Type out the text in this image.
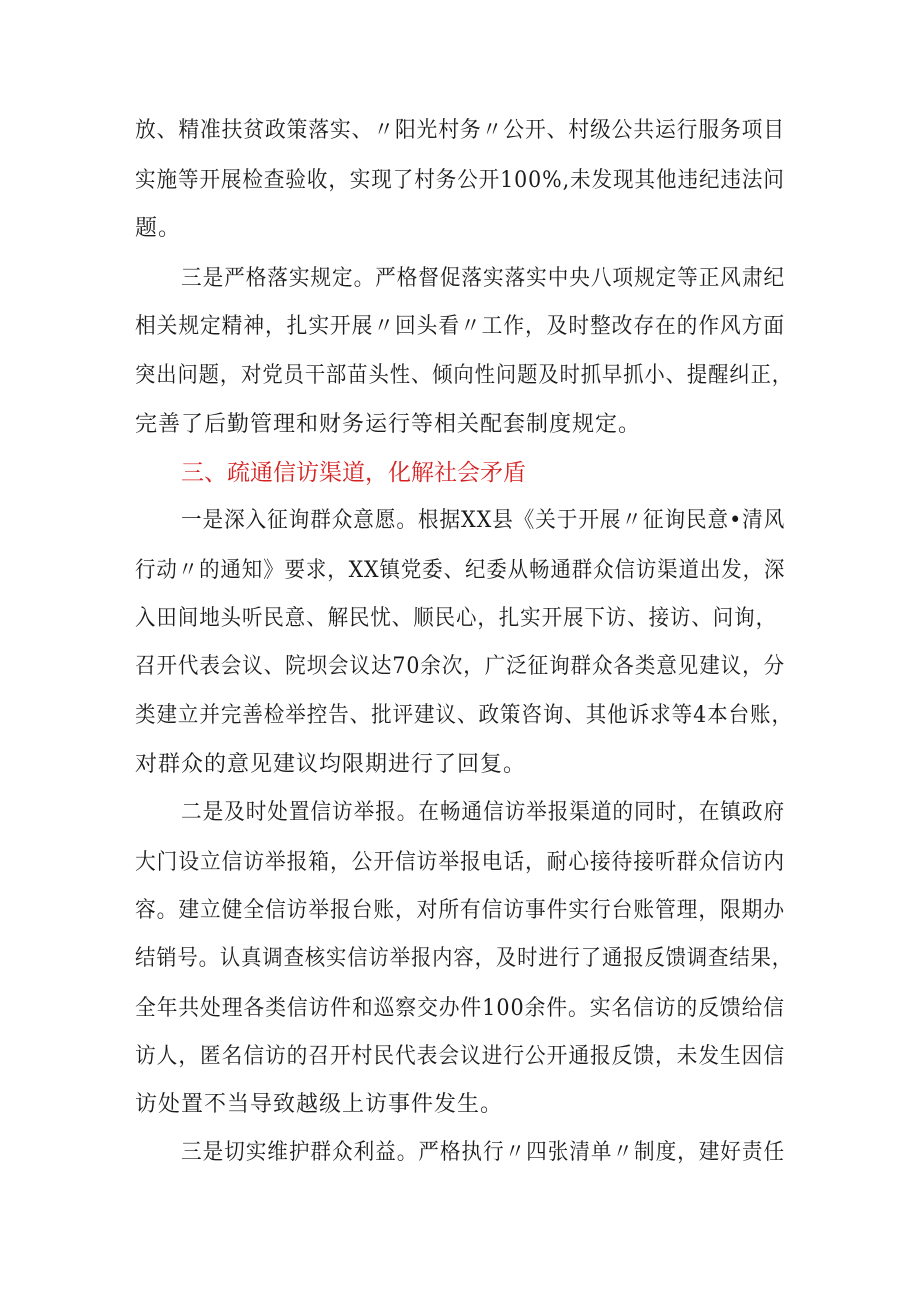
放、精准扶贫政策落实、〃阳光村务〃公开、村级公共运行服务项目
实施等开展检查验收，实现了村务公开100%,未发现其他违纪违法问
题。
三是严格落实规定。严格督促落实落实中央八项规定等正风肃纪
相关规定精神，扎实开展〃回头看〃工作，及时整改存在的作风方面
突出问题，对党员干部苗头性、倾向性问题及时抓早抓小、提醒纠正，
完善了后勤管理和财务运行等相关配套制度规定。
三、疏通信访渠道，化解社会矛盾
一是深入征询群众意愿。根据XX县《关于开展〃征询民意•清风
行动〃的通知》要求，XX镇党委、纪委从畅通群众信访渠道出发，深
入田间地头听民意、解民忧、顺民心，扎实开展下访、接访、问询，
召开代表会议、院坝会议达70余次，广泛征询群众各类意见建议，分
类建立并完善检举控告、批评建议、政策咨询、其他诉求等4本台账，
对群众的意见建议均限期进行了回复。
二是及时处置信访举报。在畅通信访举报渠道的同时，在镇政府
大门设立信访举报箱，公开信访举报电话，耐心接待接听群众信访内
容。建立健全信访举报台账，对所有信访事件实行台账管理，限期办
结销号。认真调查核实信访举报内容，及时进行了通报反馈调查结果，
全年共处理各类信访件和巡察交办件100余件。实名信访的反馈给信
访人，匿名信访的召开村民代表会议进行公开通报反馈，未发生因信
访处置不当导致越级上访事件发生。
三是切实维护群众利益。严格执行〃四张清单〃制度，建好责任
